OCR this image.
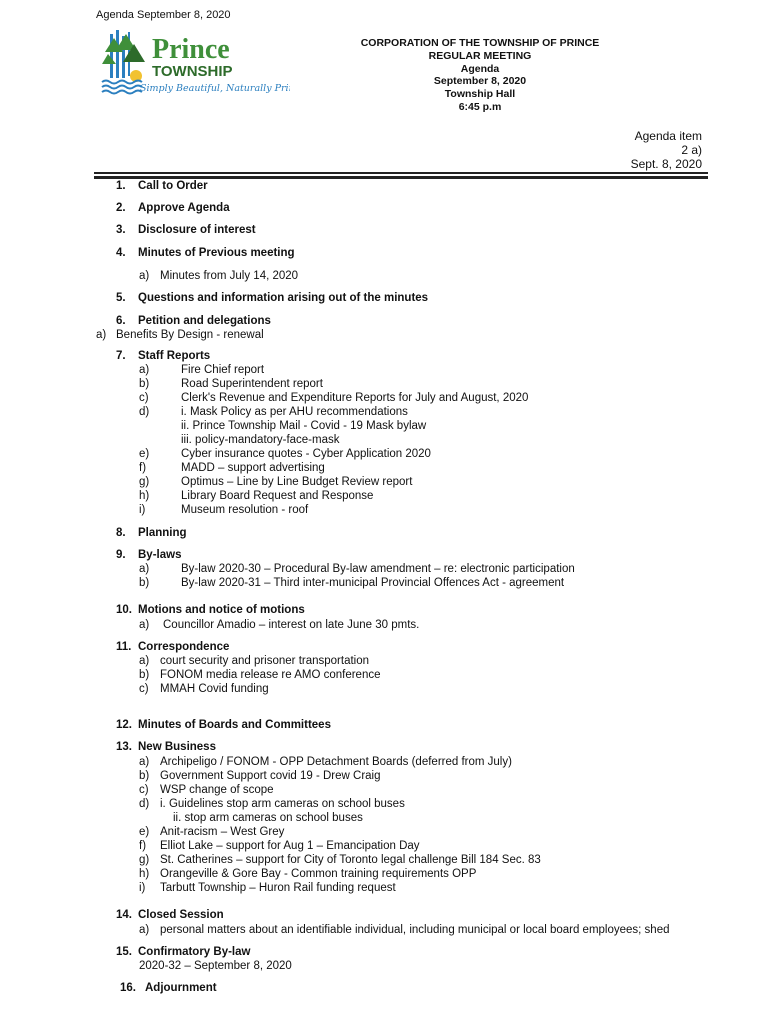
Agenda September 8, 2020
Prince
TOWNSHIP
Simply Beautiful, Naturally Prince
CORPORATION OF THE TOWNSHIP OF PRINCE
REGULAR MEETING
Agenda
September 8, 2020
Township Hall
6:45 p.m
Agenda item
2 a)
Sept. 8, 2020
1. Call to Order
2. Approve Agenda
3. Disclosure of interest
4. Minutes of Previous meeting
a) Minutes from July 14, 2020
5. Questions and information arising out of the minutes
6. Petition and delegations
a) Benefits By Design - renewal
7. Staff Reports
a)	Fire Chief report
b)	Road Superintendent report
c)	Clerk's Revenue and Expenditure Reports for July and August, 2020
d)	i. Mask Policy as per AHU recommendations
ii. Prince Township Mail - Covid - 19 Mask bylaw
iii. policy-mandatory-face-mask
e)	Cyber insurance quotes - Cyber Application 2020
f)	MADD – support advertising
g)	Optimus – Line by Line Budget Review report
h)	Library Board Request and Response
i)	Museum resolution - roof
8. Planning
9. By-laws
a)	By-law 2020-30 – Procedural By-law amendment – re: electronic participation
b)	By-law 2020-31 – Third inter-municipal Provincial Offences Act - agreement
10. Motions and notice of motions
a) Councillor Amadio – interest on late June 30 pmts.
11. Correspondence
a) court security and prisoner transportation
b) FONOM media release re AMO conference
c) MMAH Covid funding
12. Minutes of Boards and Committees
13. New Business
a) Archipeligo / FONOM - OPP Detachment Boards (deferred from July)
b) Government Support covid 19 - Drew Craig
c) WSP change of scope
d) i. Guidelines stop arm cameras on school buses
ii. stop arm cameras on school buses
e) Anit-racism – West Grey
f) Elliot Lake – support for Aug 1 – Emancipation Day
g) St. Catherines – support for City of Toronto legal challenge Bill 184 Sec. 83
h) Orangeville & Gore Bay - Common training requirements OPP
i) Tarbutt Township – Huron Rail funding request
14. Closed Session
a) personal matters about an identifiable individual, including municipal or local board employees; shed
15. Confirmatory By-law
2020-32 – September 8, 2020
16. Adjournment
